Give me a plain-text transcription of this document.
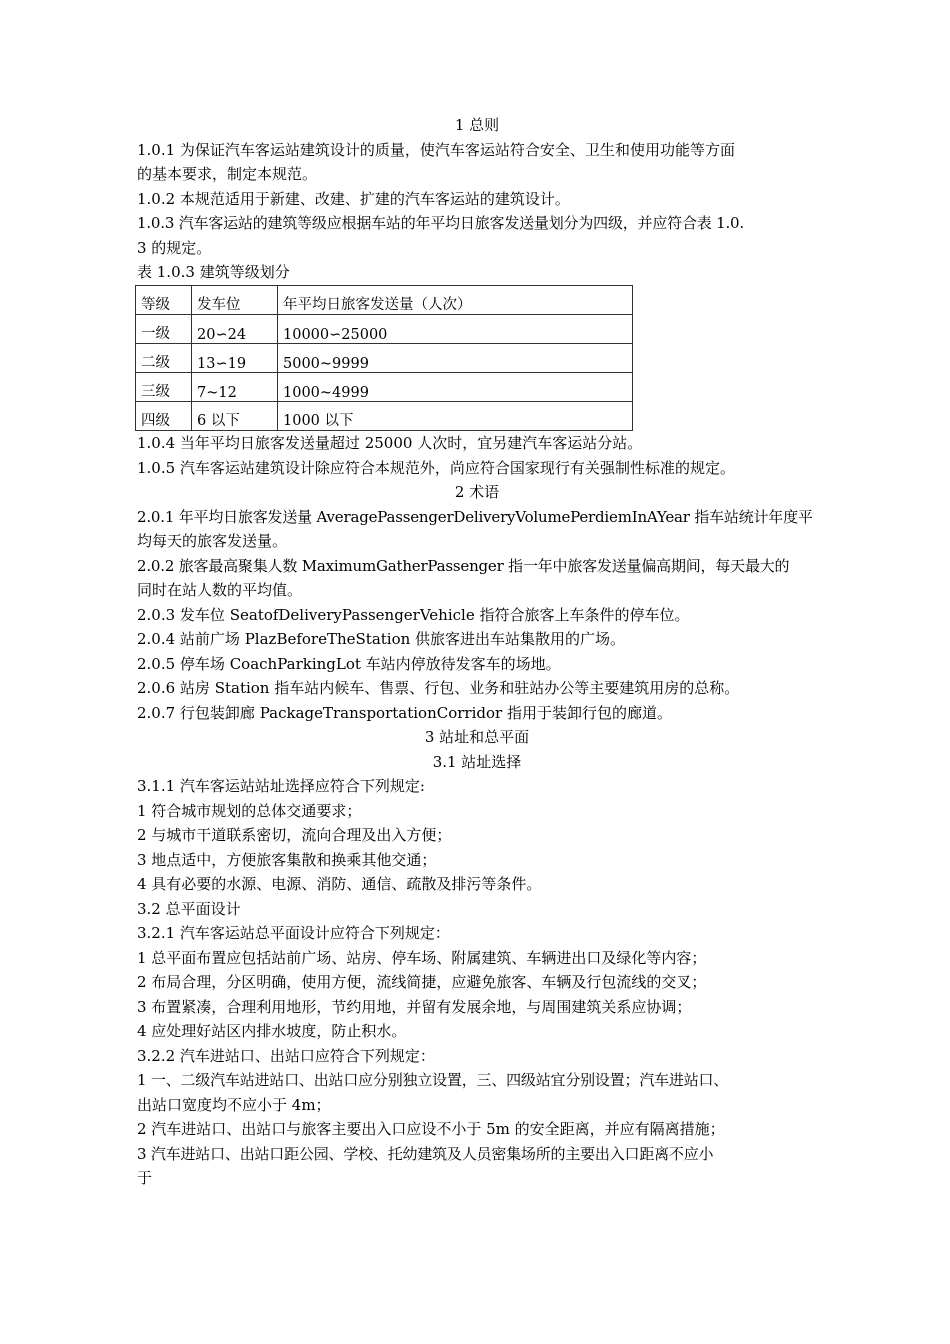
1 总则
1.0.1 为保证汽车客运站建筑设计的质量，使汽车客运站符合安全、卫生和使用功能等方面
的基本要求，制定本规范。
1.0.2 本规范适用于新建、改建、扩建的汽车客运站的建筑设计。
1.0.3 汽车客运站的建筑等级应根据车站的年平均日旅客发送量划分为四级，并应符合表 1.0.
3 的规定。
表 1.0.3 建筑等级划分
等级	发车位	年平均日旅客发送量（人次）
一级	20∽24	10000∽25000
二级	13∽19	5000~9999
三级	7~12	1000~4999
四级	6 以下	1000 以下
1.0.4 当年平均日旅客发送量超过 25000 人次时，宜另建汽车客运站分站。
1.0.5 汽车客运站建筑设计除应符合本规范外，尚应符合国家现行有关强制性标准的规定。
2 术语
2.0.1 年平均日旅客发送量 AveragePassengerDeliveryVolumePerdiemInAYear 指车站统计年度平
均每天的旅客发送量。
2.0.2 旅客最高聚集人数 MaximumGatherPassenger 指一年中旅客发送量偏高期间，每天最大的
同时在站人数的平均值。
2.0.3 发车位 SeatofDeliveryPassengerVehicle 指符合旅客上车条件的停车位。
2.0.4 站前广场 PlazBeforeTheStation 供旅客进出车站集散用的广场。
2.0.5 停车场 CoachParkingLot 车站内停放待发客车的场地。
2.0.6 站房 Station 指车站内候车、售票、行包、业务和驻站办公等主要建筑用房的总称。
2.0.7 行包装卸廊 PackageTransportationCorridor 指用于装卸行包的廊道。
3 站址和总平面
3.1 站址选择
3.1.1 汽车客运站站址选择应符合下列规定:
1 符合城市规划的总体交通要求；
2 与城市干道联系密切，流向合理及出入方便；
3 地点适中，方便旅客集散和换乘其他交通；
4 具有必要的水源、电源、消防、通信、疏散及排污等条件。
3.2 总平面设计
3.2.1 汽车客运站总平面设计应符合下列规定：
1 总平面布置应包括站前广场、站房、停车场、附属建筑、车辆进出口及绿化等内容；
2 布局合理，分区明确，使用方便，流线简捷，应避免旅客、车辆及行包流线的交叉；
3 布置紧凑，合理利用地形，节约用地，并留有发展余地，与周围建筑关系应协调；
4 应处理好站区内排水坡度，防止积水。
3.2.2 汽车进站口、出站口应符合下列规定：
1 一、二级汽车站进站口、出站口应分别独立设置，三、四级站宜分别设置；汽车进站口、
出站口宽度均不应小于 4m；
2 汽车进站口、出站口与旅客主要出入口应设不小于 5m 的安全距离，并应有隔离措施；
3 汽车进站口、出站口距公园、学校、托幼建筑及人员密集场所的主要出入口距离不应小
于
